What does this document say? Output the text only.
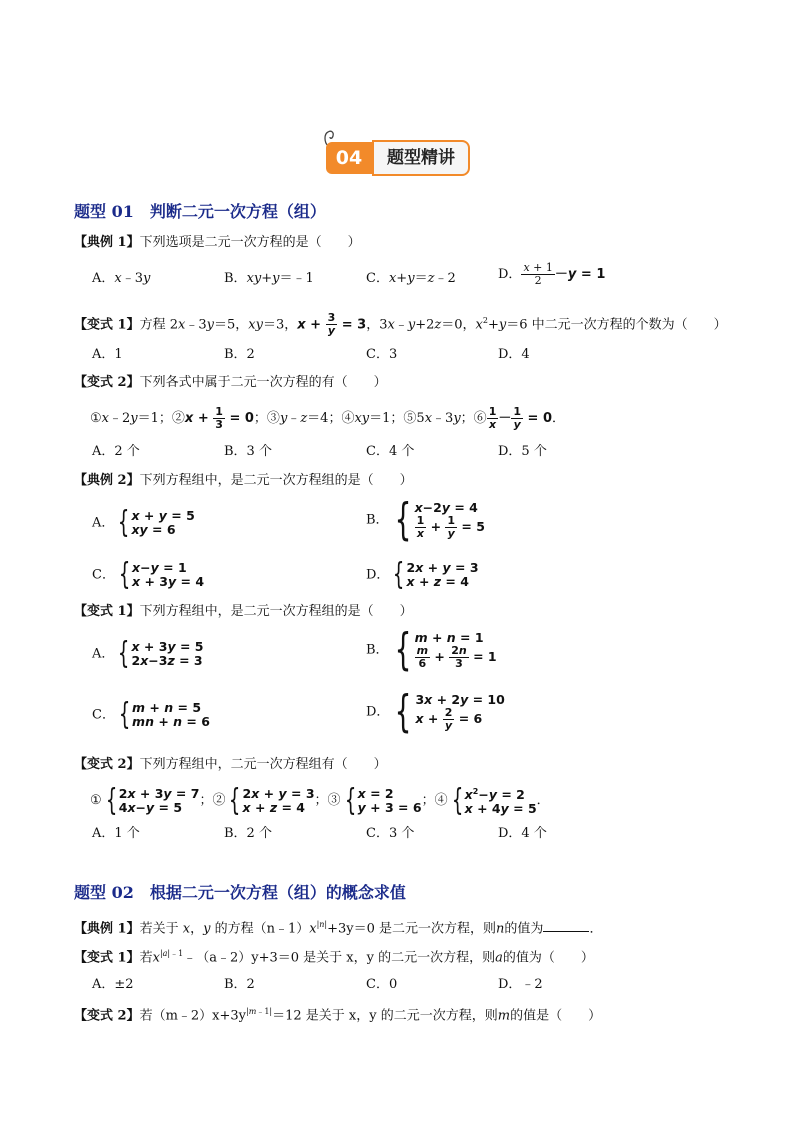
04	题型精讲
题型 01　判断二元一次方程（组）
【典例 1】下列选项是二元一次方程的是（　　）
A．x﹣3y	B．xy+y＝﹣1	C．x+y＝z﹣2	D． $\frac{x + 1}{2} -y = 1$
【变式 1】方程 2x﹣3y＝5，xy＝3，$x + \frac{3}{y} = 3$，3x﹣y+2z＝0，$x^2+y=6$ 中二元一次方程的个数为（　　）
A．1	B．2	C．3	D．4
【变式 2】下列各式中属于二元一次方程的有（　　）
①x﹣2y＝1；②x + $\frac{1}{3} = 0$；③y﹣z＝4；④xy＝1；⑤5x﹣3y；⑥ $\frac{1}{x} - \frac{1}{y} = 0$．
A．2 个	B．3 个	C．4 个	D．5 个
【典例 2】下列方程组中，是二元一次方程组的是（　　）
A． { x + y = 5
xy = 6
B． { x−2y = 4
$\frac{1}{x} + \frac{1}{y} = 5$
C． { x−y = 1
x + 3y = 4	D． { 2x + y = 3
x + z = 4
【变式 1】下列方程组中，是二元一次方程组的是（　　）
A． { x + 3y = 5
2x−3z = 3
B． { m + n = 1
$\frac{m}{6} + \frac{2n}{3} = 1$
C． { m + n = 5
mn + n = 6
D． { 3x + 2y = 10
$x + \frac{2}{y} = 6$
【变式 2】下列方程组中，二元一次方程组有（　　）
① { 2x + 3y = 7
4x−y = 5	；② { 2x + y = 3
x + z = 4 ；③ { x = 2
y + 3 = 6 ；④ { $x^2-y = 2$
x + 4y = 5
．
A．1 个	B．2 个	C．3 个	D．4 个
题型 02　根据二元一次方程（组）的概念求值
【典例 1】若关于 x，y 的方程$(n﹣1)x^{|n|}+3y=0$ 是二元一次方程，则n的值为	．
【变式 1】若$x^{|a|﹣1}﹣(a﹣2)y+3=0$ 是关于 x，y 的二元一次方程，则a的值为（　　）
A．±2	B．2	C．0	D．﹣2
【变式 2】若$(m﹣2)x+3y^{|m﹣1|}=12$ 是关于 x，y 的二元一次方程，则m的值是（　　）
